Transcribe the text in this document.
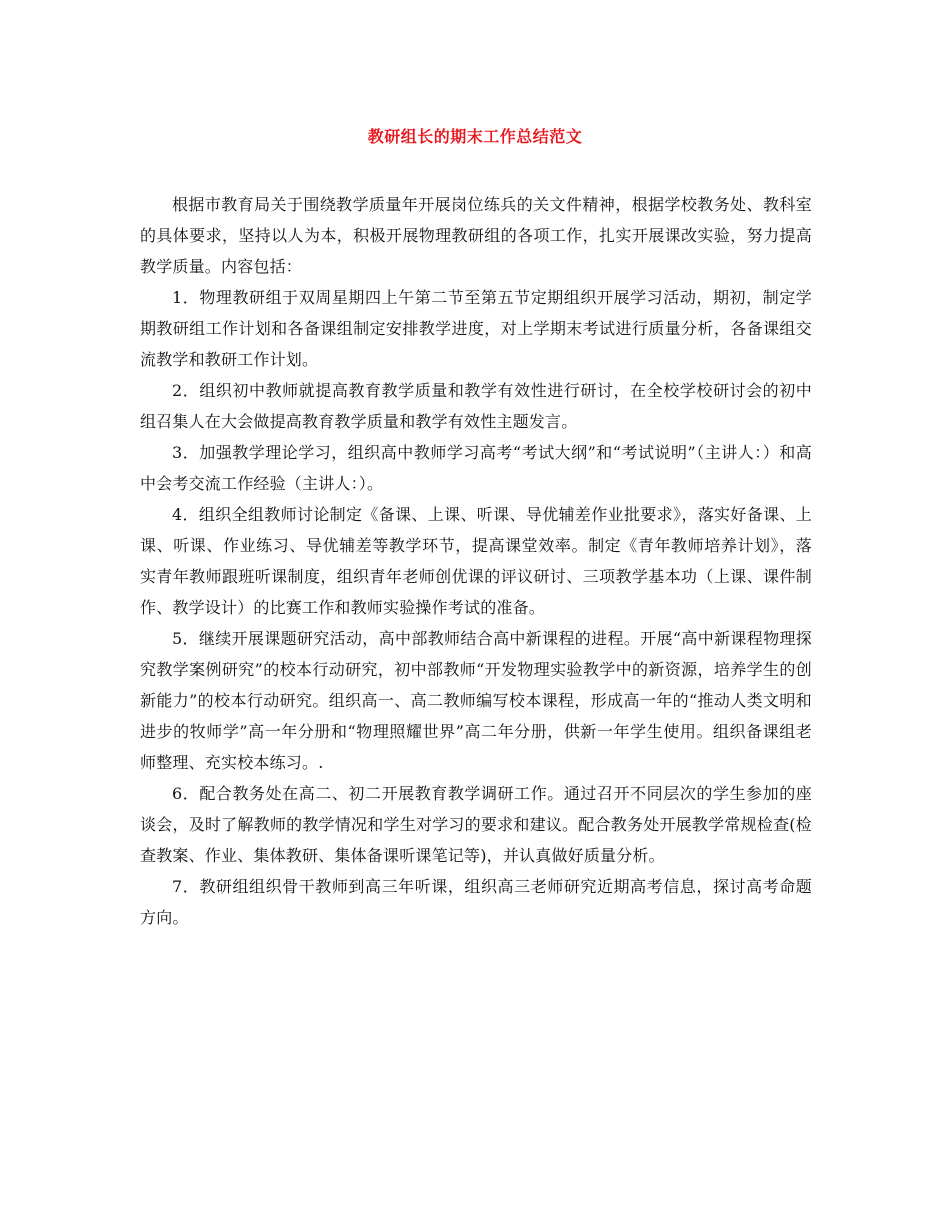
教研组长的期末工作总结范文

根据市教育局关于围绕教学质量年开展岗位练兵的关文件精神，根据学校教务处、教科室的具体要求，坚持以人为本，积极开展物理教研组的各项工作，扎实开展课改实验，努力提高教学质量。内容包括：

1．物理教研组于双周星期四上午第二节至第五节定期组织开展学习活动，期初，制定学期教研组工作计划和各备课组制定安排教学进度，对上学期末考试进行质量分析，各备课组交流教学和教研工作计划。

2．组织初中教师就提高教育教学质量和教学有效性进行研讨，在全校学校研讨会的初中组召集人在大会做提高教育教学质量和教学有效性主题发言。

3．加强教学理论学习，组织高中教师学习高考“考试大纲”和“考试说明”（主讲人：）和高中会考交流工作经验（主讲人：）。

4．组织全组教师讨论制定《备课、上课、听课、导优辅差作业批要求》，落实好备课、上课、听课、作业练习、导优辅差等教学环节，提高课堂效率。制定《青年教师培养计划》，落实青年教师跟班听课制度，组织青年老师创优课的评议研讨、三项教学基本功（上课、课件制作、教学设计）的比赛工作和教师实验操作考试的准备。

5．继续开展课题研究活动，高中部教师结合高中新课程的进程。开展“高中新课程物理探究教学案例研究”的校本行动研究，初中部教师“开发物理实验教学中的新资源，培养学生的创新能力”的校本行动研究。组织高一、高二教师编写校本课程，形成高一年的“推动人类文明和进步的牧师学”高一年分册和“物理照耀世界”高二年分册，供新一年学生使用。组织备课组老师整理、充实校本练习。.

6．配合教务处在高二、初二开展教育教学调研工作。通过召开不同层次的学生参加的座谈会，及时了解教师的教学情况和学生对学习的要求和建议。配合教务处开展教学常规检查(检查教案、作业、集体教研、集体备课听课笔记等)，并认真做好质量分析。

7．教研组组织骨干教师到高三年听课，组织高三老师研究近期高考信息，探讨高考命题方向。
